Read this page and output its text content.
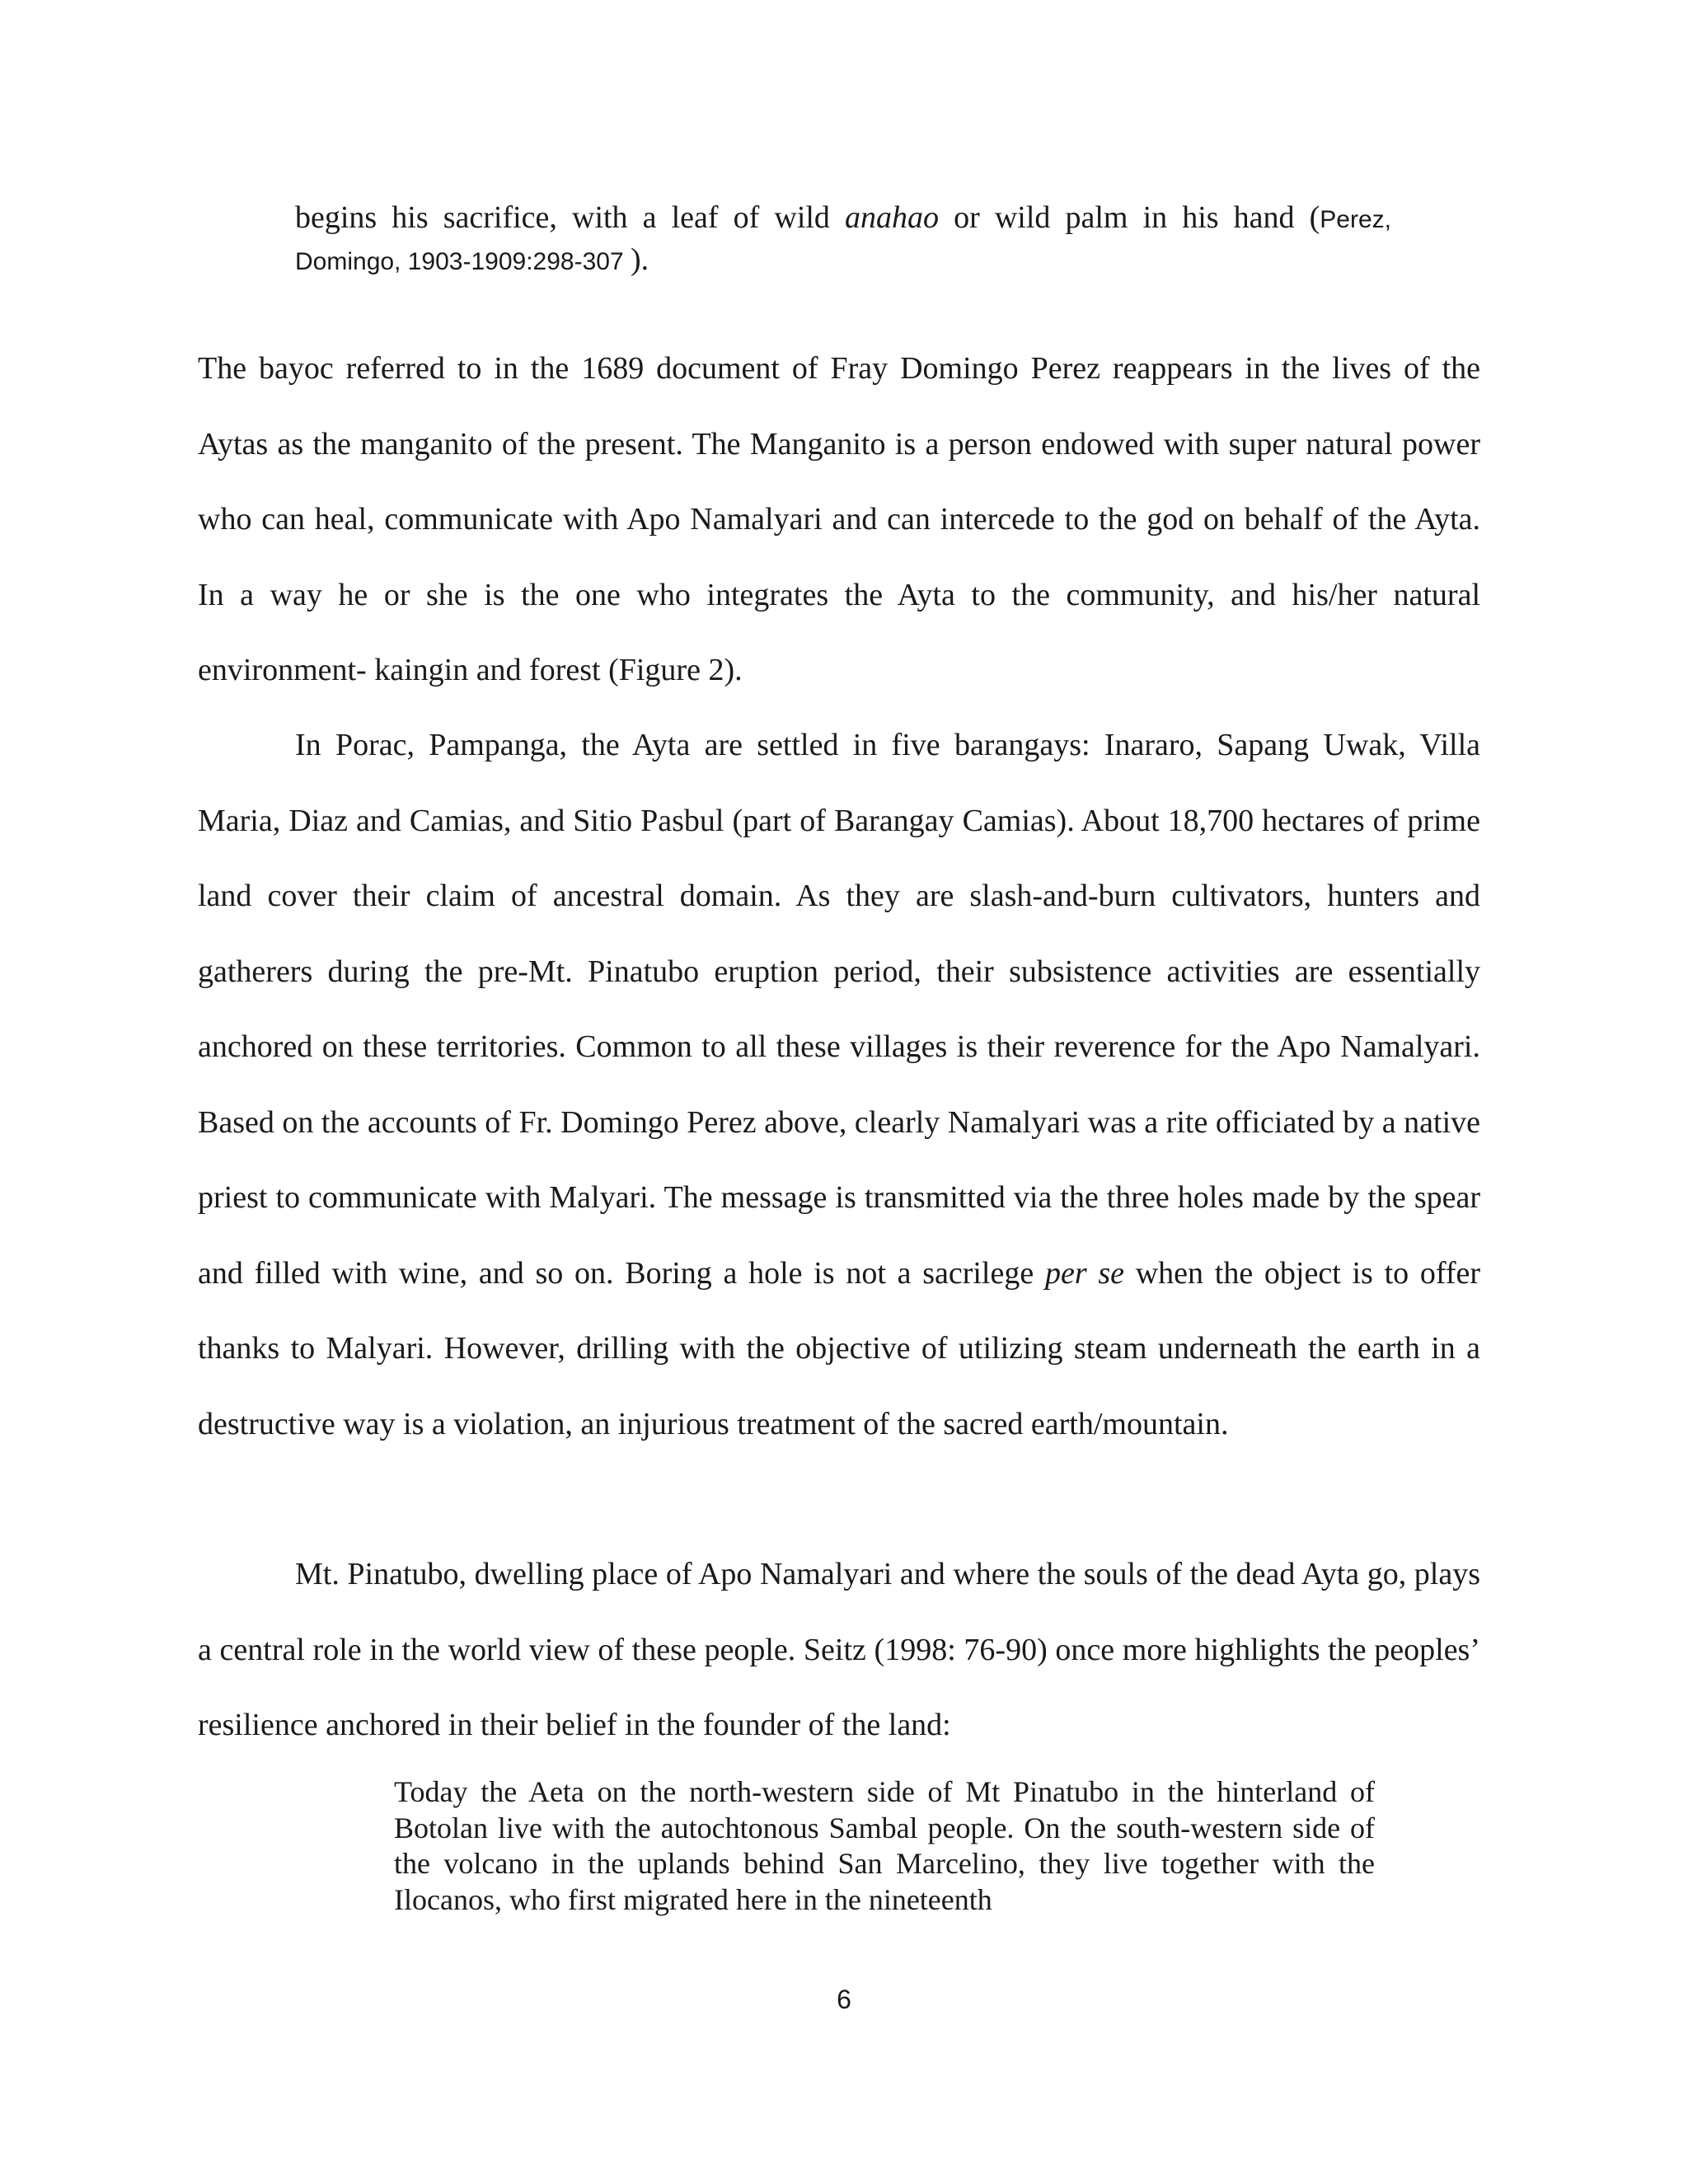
begins his sacrifice, with a leaf of wild anahao or wild palm in his hand (Perez, Domingo, 1903-1909:298-307 ).

The bayoc referred to in the 1689 document of Fray Domingo Perez reappears in the lives of the Aytas as the manganito of the present. The Manganito is a person endowed with super natural power who can heal, communicate with Apo Namalyari and can intercede to the god on behalf of the Ayta. In a way he or she is the one who integrates the Ayta to the community, and his/her natural environment- kaingin and forest (Figure 2).

In Porac, Pampanga, the Ayta are settled in five barangays: Inararo, Sapang Uwak, Villa Maria, Diaz and Camias, and Sitio Pasbul (part of Barangay Camias). About 18,700 hectares of prime land cover their claim of ancestral domain. As they are slash-and-burn cultivators, hunters and gatherers during the pre-Mt. Pinatubo eruption period, their subsistence activities are essentially anchored on these territories. Common to all these villages is their reverence for the Apo Namalyari. Based on the accounts of Fr. Domingo Perez above, clearly Namalyari was a rite officiated by a native priest to communicate with Malyari. The message is transmitted via the three holes made by the spear and filled with wine, and so on. Boring a hole is not a sacrilege per se when the object is to offer thanks to Malyari. However, drilling with the objective of utilizing steam underneath the earth in a destructive way is a violation, an injurious treatment of the sacred earth/mountain.

Mt. Pinatubo, dwelling place of Apo Namalyari and where the souls of the dead Ayta go, plays a central role in the world view of these people. Seitz (1998: 76-90) once more highlights the peoples’ resilience anchored in their belief in the founder of the land:

Today the Aeta on the north-western side of Mt Pinatubo in the hinterland of Botolan live with the autochtonous Sambal people. On the south-western side of the volcano in the uplands behind San Marcelino, they live together with the Ilocanos, who first migrated here in the nineteenth

6
